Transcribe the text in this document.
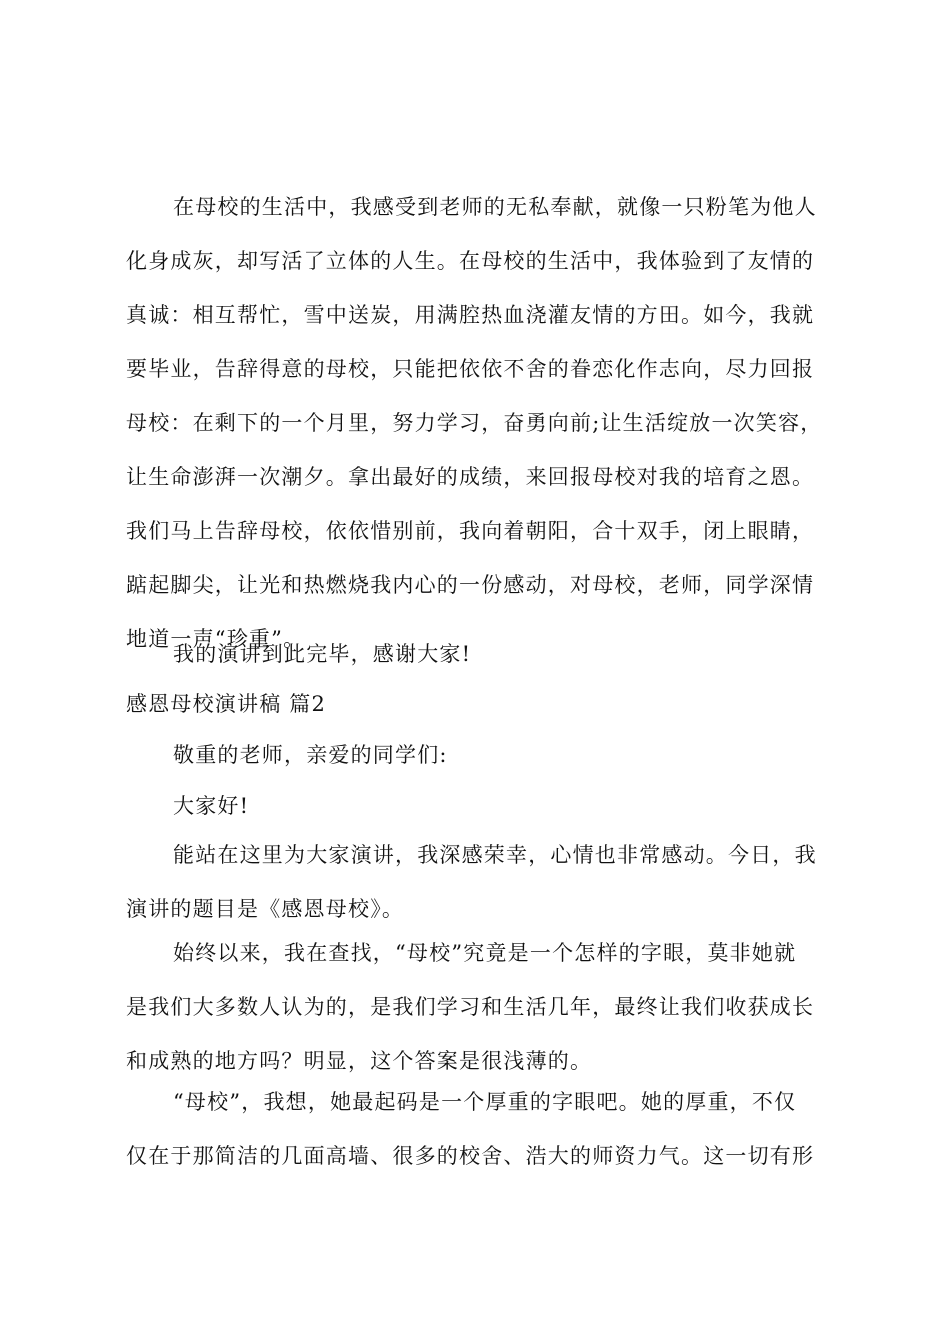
在母校的生活中，我感受到老师的无私奉献，就像一只粉笔为他人
化身成灰，却写活了立体的人生。在母校的生活中，我体验到了友情的
真诚：相互帮忙，雪中送炭，用满腔热血浇灌友情的方田。如今，我就
要毕业，告辞得意的母校，只能把依依不舍的眷恋化作志向，尽力回报
母校：在剩下的一个月里，努力学习，奋勇向前;让生活绽放一次笑容，
让生命澎湃一次潮夕。拿出最好的成绩，来回报母校对我的培育之恩。
我们马上告辞母校，依依惜别前，我向着朝阳，合十双手，闭上眼睛，
踮起脚尖，让光和热燃烧我内心的一份感动，对母校，老师，同学深情
地道一声“珍重”。
我的演讲到此完毕，感谢大家!
感恩母校演讲稿 篇2
敬重的老师，亲爱的同学们:
大家好!
能站在这里为大家演讲，我深感荣幸，心情也非常感动。今日，我
演讲的题目是《感恩母校》。
始终以来，我在查找，“母校”究竟是一个怎样的字眼，莫非她就
是我们大多数人认为的，是我们学习和生活几年，最终让我们收获成长
和成熟的地方吗？明显，这个答案是很浅薄的。
“母校”，我想，她最起码是一个厚重的字眼吧。她的厚重，不仅
仅在于那简洁的几面高墙、很多的校舍、浩大的师资力气。这一切有形
